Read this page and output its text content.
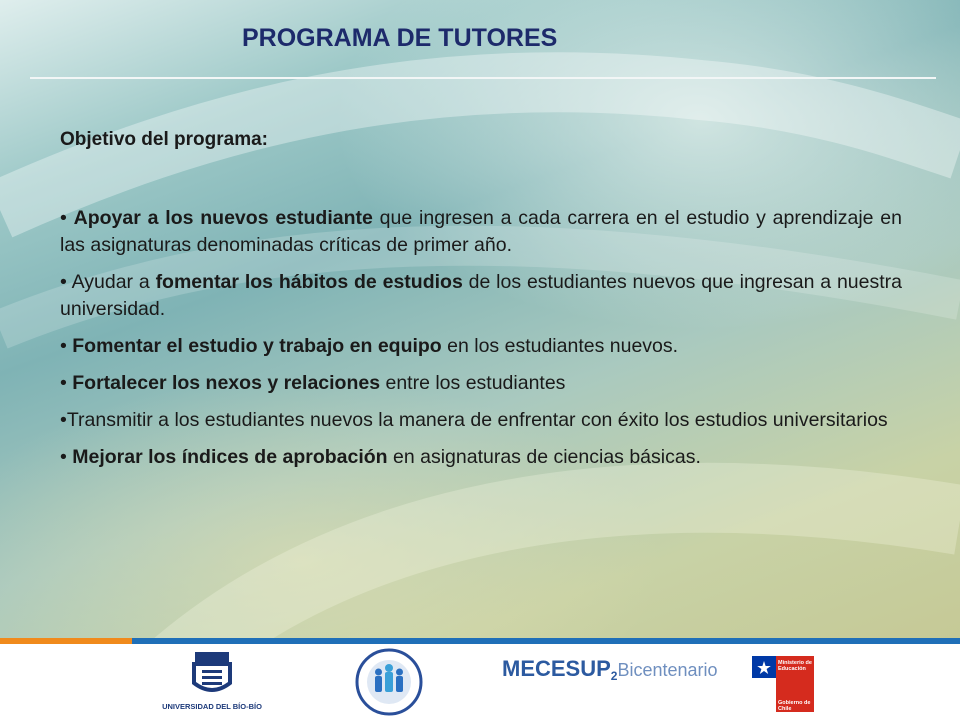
PROGRAMA DE TUTORES

Objetivo del programa:

• Apoyar a los nuevos estudiante que ingresen a cada carrera en el estudio y aprendizaje en las asignaturas denominadas críticas de primer año.

• Ayudar a fomentar los hábitos de estudios de los estudiantes nuevos que ingresan a nuestra universidad.

• Fomentar el estudio y trabajo en equipo en los estudiantes nuevos.

• Fortalecer los nexos y relaciones entre los estudiantes

•Transmitir a los estudiantes nuevos la manera de enfrentar con éxito los estudios universitarios

• Mejorar los índices de aprobación en asignaturas de ciencias básicas.

UNIVERSIDAD DEL BÍO-BÍO
$MECESUP_2Bicentenario$	Ministerio de Educación
Gobierno de Chile
